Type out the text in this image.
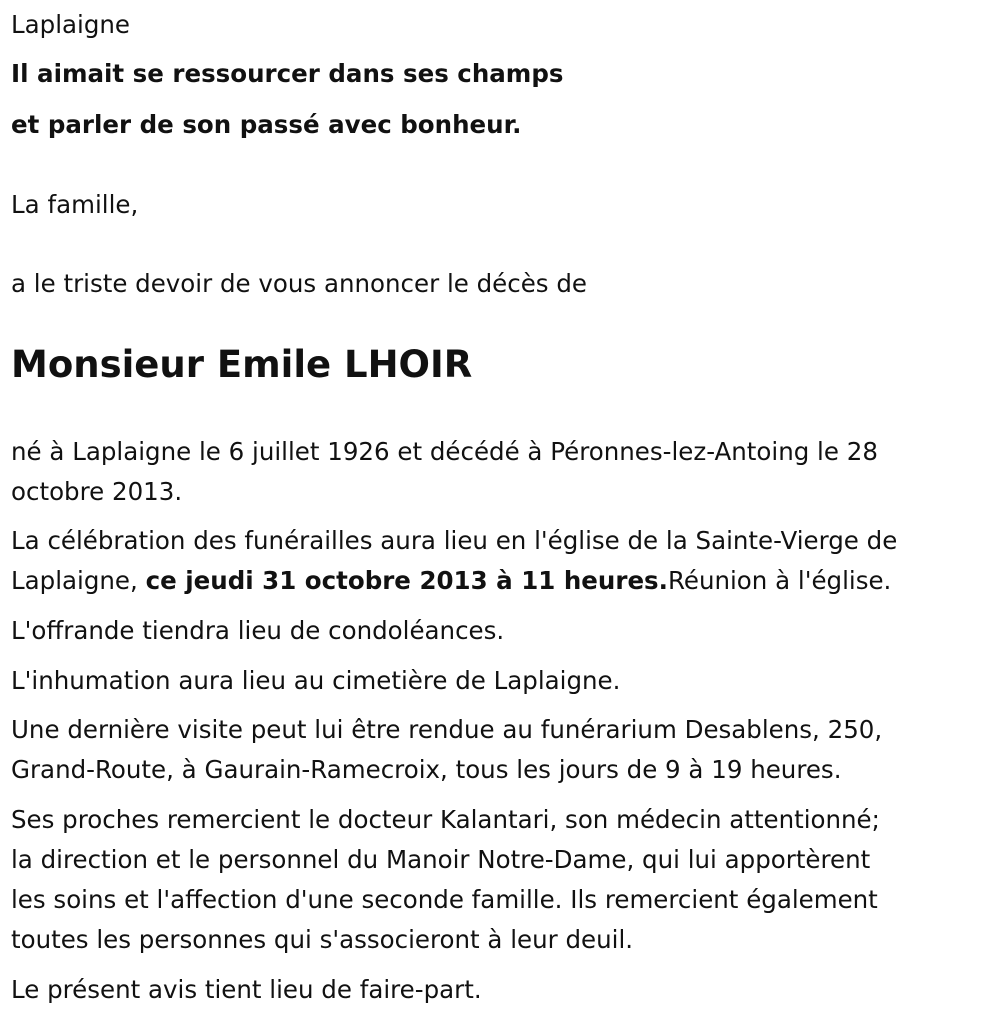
Laplaigne
Il aimait se ressourcer dans ses champs
et parler de son passé avec bonheur.
La famille,
a le triste devoir de vous annoncer le décès de
Monsieur Emile LHOIR
né à Laplaigne le 6 juillet 1926 et décédé à Péronnes-lez-Antoing le 28
octobre 2013.
La célébration des funérailles aura lieu en l'église de la Sainte-Vierge de
Laplaigne, ce jeudi 31 octobre 2013 à 11 heures.Réunion à l'église.
L'offrande tiendra lieu de condoléances.
L'inhumation aura lieu au cimetière de Laplaigne.
Une dernière visite peut lui être rendue au funérarium Desablens, 250,
Grand-Route, à Gaurain-Ramecroix, tous les jours de 9 à 19 heures.
Ses proches remercient le docteur Kalantari, son médecin attentionné;
la direction et le personnel du Manoir Notre-Dame, qui lui apportèrent
les soins et l'affection d'une seconde famille. Ils remercient également
toutes les personnes qui s'associeront à leur deuil.
Le présent avis tient lieu de faire-part.
